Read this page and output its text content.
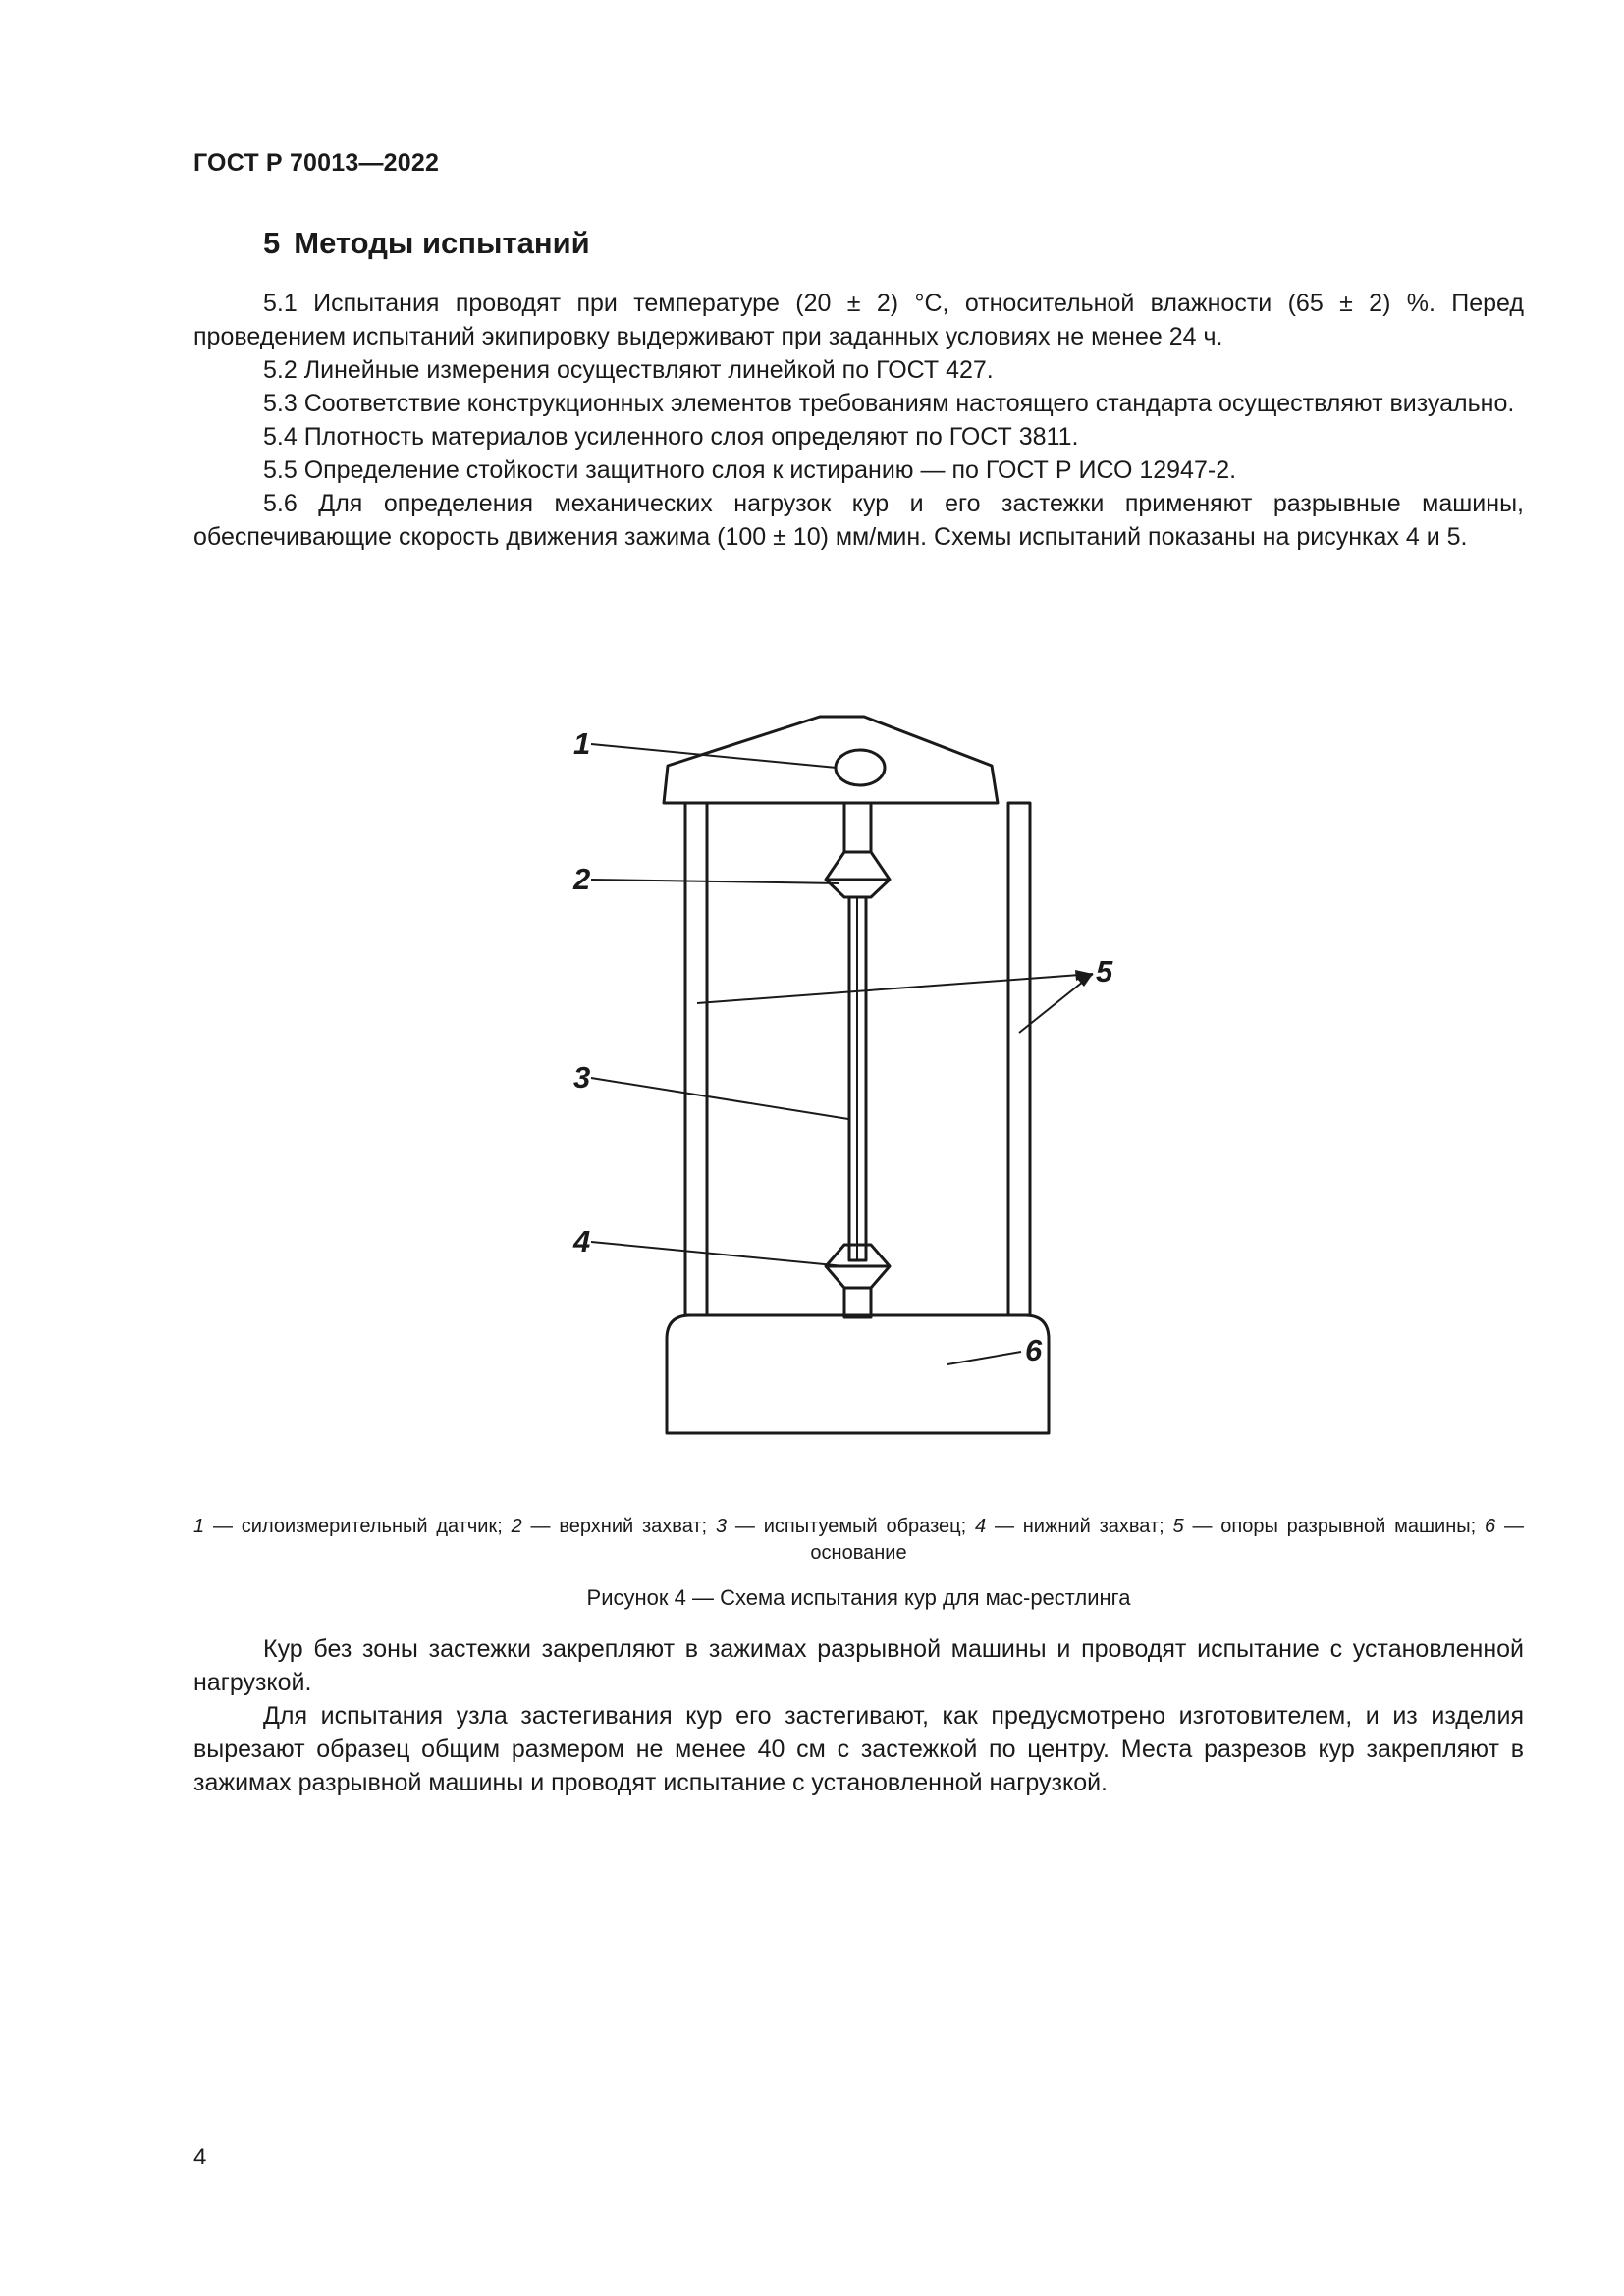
ГОСТ Р 70013—2022
5 Методы испытаний

5.1 Испытания проводят при температуре (20 ± 2) °С, относительной влажности (65 ± 2) %. Перед проведением испытаний экипировку выдерживают при заданных условиях не менее 24 ч.

5.2 Линейные измерения осуществляют линейкой по ГОСТ 427.

5.3 Соответствие конструкционных элементов требованиям настоящего стандарта осуществляют визуально.

5.4 Плотность материалов усиленного слоя определяют по ГОСТ 3811.

5.5 Определение стойкости защитного слоя к истиранию — по ГОСТ Р ИСО 12947-2.

5.6 Для определения механических нагрузок кур и его застежки применяют разрывные машины, обеспечивающие скорость движения зажима (100 ± 10) мм/мин. Схемы испытаний показаны на рисунках 4 и 5.

1
2
3
4
5
6
1 — силоизмерительный датчик; 2 — верхний захват; 3 — испытуемый образец; 4 — нижний захват; 5 — опоры разрывной машины; 6 — основание
Рисунок 4 — Схема испытания кур для мас-рестлинга

Кур без зоны застежки закрепляют в зажимах разрывной машины и проводят испытание с установленной нагрузкой.

Для испытания узла застегивания кур его застегивают, как предусмотрено изготовителем, и из изделия вырезают образец общим размером не менее 40 см с застежкой по центру. Места разрезов кур закрепляют в зажимах разрывной машины и проводят испытание с установленной нагрузкой.

4
